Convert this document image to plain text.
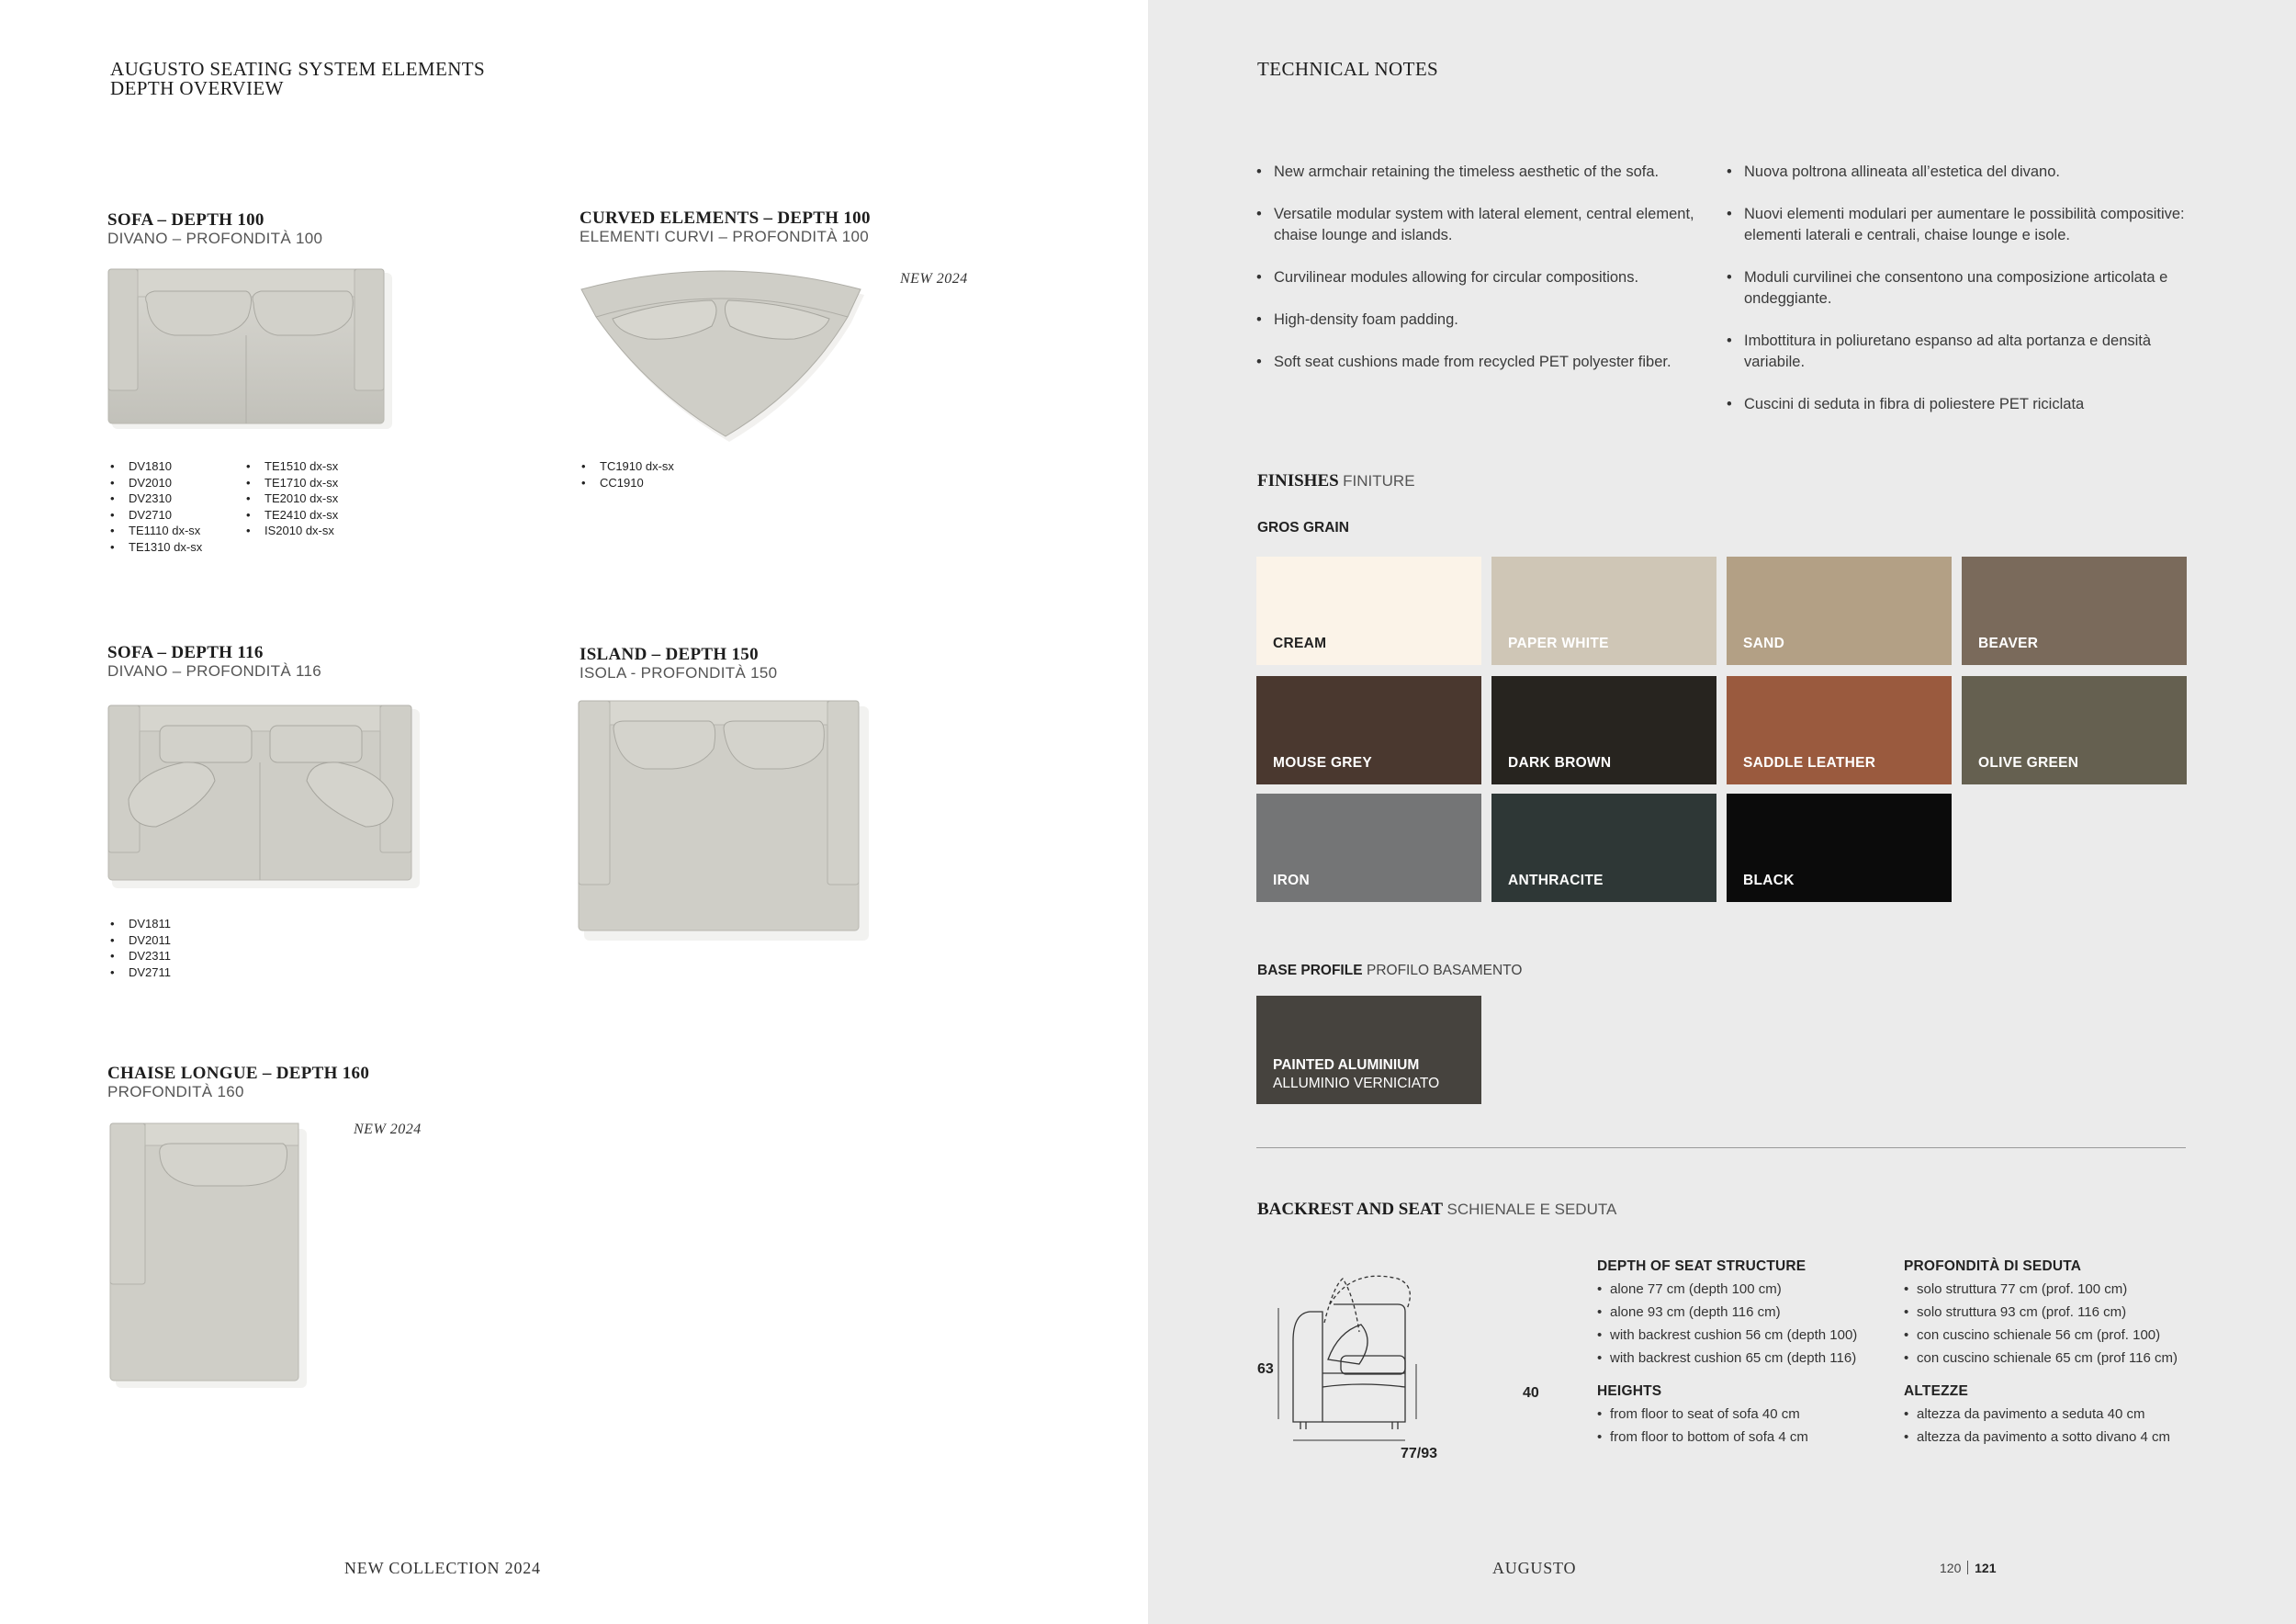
AUGUSTO SEATING SYSTEM ELEMENTS
DEPTH OVERVIEW
SOFA – DEPTH 100
DIVANO – PROFONDITÀ 100
• DV1810
• DV2010
• DV2310
• DV2710
• TE1110 dx-sx
• TE1310 dx-sx
• TE1510 dx-sx
• TE1710 dx-sx
• TE2010 dx-sx
• TE2410 dx-sx
• IS2010 dx-sx
CURVED ELEMENTS – DEPTH 100
ELEMENTI CURVI – PROFONDITÀ 100
NEW 2024
• TC1910 dx-sx
• CC1910
SOFA – DEPTH 116
DIVANO – PROFONDITÀ 116
• DV1811
• DV2011
• DV2311
• DV2711
ISLAND – DEPTH 150
ISOLA - PROFONDITÀ 150
CHAISE LONGUE – DEPTH 160
PROFONDITÀ 160
NEW 2024
NEW COLLECTION 2024
TECHNICAL NOTES
• New armchair retaining the timeless aesthetic of the sofa.
• Versatile modular system with lateral element, central element, chaise lounge and islands.
• Curvilinear modules allowing for circular compositions.
• High-density foam padding.
• Soft seat cushions made from recycled PET polyester fiber.
• Nuova poltrona allineata all’estetica del divano.
• Nuovi elementi modulari per aumentare le possibilità compositive: elementi laterali e centrali, chaise lounge e isole.
• Moduli curvilinei che consentono una composizione articolata e ondeggiante.
• Imbottitura in poliuretano espanso ad alta portanza e densità variabile.
• Cuscini di seduta in fibra di poliestere PET riciclata
FINISHES FINITURE
GROS GRAIN
CREAM	PAPER WHITE	SAND	BEAVER
MOUSE GREY	DARK BROWN	SADDLE LEATHER	OLIVE GREEN
IRON	ANTHRACITE	BLACK
BASE PROFILE PROFILO BASAMENTO
PAINTED ALUMINIUM
ALLUMINIO VERNICIATO
BACKREST AND SEAT SCHIENALE E SEDUTA
63
40
77/93
DEPTH OF SEAT STRUCTURE
• alone 77 cm (depth 100 cm)
• alone 93 cm (depth 116 cm)
• with backrest cushion 56 cm (depth 100)
• with backrest cushion 65 cm (depth 116)
HEIGHTS
• from floor to seat of sofa 40 cm
• from floor to bottom of sofa 4 cm
PROFONDITÀ DI SEDUTA
• solo struttura 77 cm (prof. 100 cm)
• solo struttura 93 cm (prof. 116 cm)
• con cuscino schienale 56 cm (prof. 100)
• con cuscino schienale 65 cm (prof 116 cm)
ALTEZZE
• altezza da pavimento a seduta 40 cm
• altezza da pavimento a sotto divano 4 cm
AUGUSTO	120 121
